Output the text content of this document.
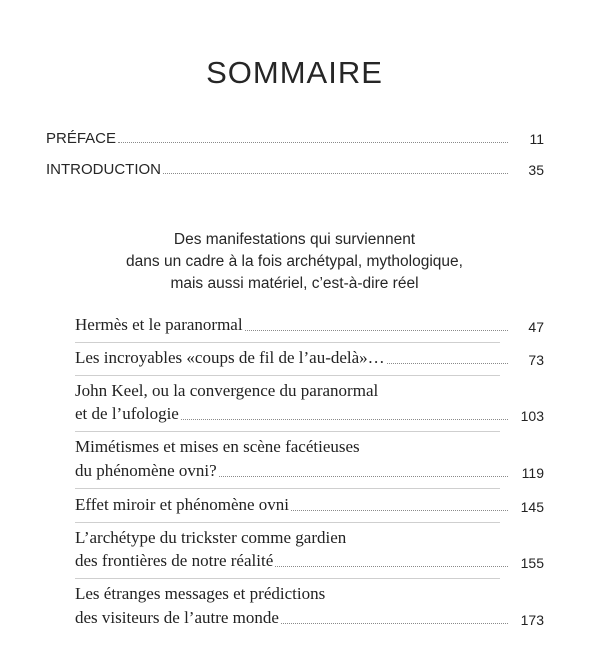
SOMMAIRE
PRÉFACE	11
INTRODUCTION	35
Des manifestations qui surviennent
dans un cadre à la fois archétypal, mythologique,
mais aussi matériel, c’est-à-dire réel
Hermès et le paranormal	47
Les incroyables «coups de fil de l’au-delà»…	73
John Keel, ou la convergence du paranormal
et de l’ufologie	103
Mimétismes et mises en scène facétieuses
du phénomène ovni?	119
Effet miroir et phénomène ovni	145
L’archétype du trickster comme gardien
des frontières de notre réalité	155
Les étranges messages et prédictions
des visiteurs de l’autre monde	173
